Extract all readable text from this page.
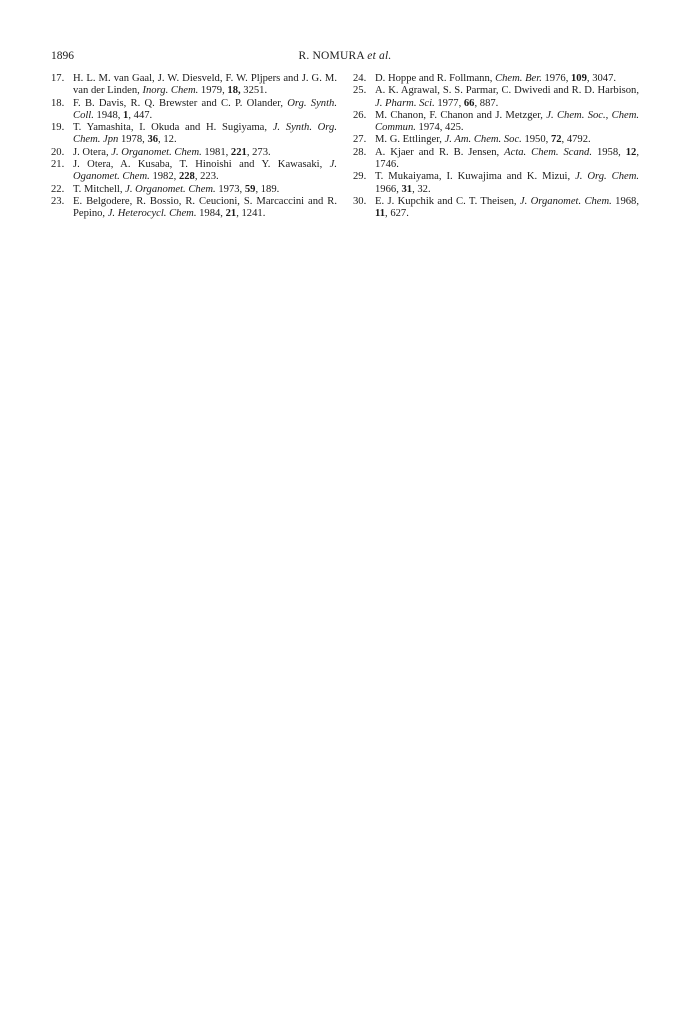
1896	R. NOMURA et al.

17. H. L. M. van Gaal, J. W. Diesveld, F. W. Pljpers and J. G. M. van der Linden, Inorg. Chem. 1979, 18, 3251.

18. F. B. Davis, R. Q. Brewster and C. P. Olander, Org. Synth. Coll. 1948, 1, 447.

19. T. Yamashita, I. Okuda and H. Sugiyama, J. Synth. Org. Chem. Jpn 1978, 36, 12.

20. J. Otera, J. Organomet. Chem. 1981, 221, 273.

21. J. Otera, A. Kusaba, T. Hinoishi and Y. Kawasaki, J. Oganomet. Chem. 1982, 228, 223.

22. T. Mitchell, J. Organomet. Chem. 1973, 59, 189.

23. E. Belgodere, R. Bossio, R. Ceucioni, S. Marcaccini and R. Pepino, J. Heterocycl. Chem. 1984, 21, 1241.

24. D. Hoppe and R. Follmann, Chem. Ber. 1976, 109, 3047.

25. A. K. Agrawal, S. S. Parmar, C. Dwivedi and R. D. Harbison, J. Pharm. Sci. 1977, 66, 887.

26. M. Chanon, F. Chanon and J. Metzger, J. Chem. Soc., Chem. Commun. 1974, 425.

27. M. G. Ettlinger, J. Am. Chem. Soc. 1950, 72, 4792.

28. A. Kjaer and R. B. Jensen, Acta. Chem. Scand. 1958, 12, 1746.

29. T. Mukaiyama, I. Kuwajima and K. Mizui, J. Org. Chem. 1966, 31, 32.

30. E. J. Kupchik and C. T. Theisen, J. Organomet. Chem. 1968, 11, 627.
